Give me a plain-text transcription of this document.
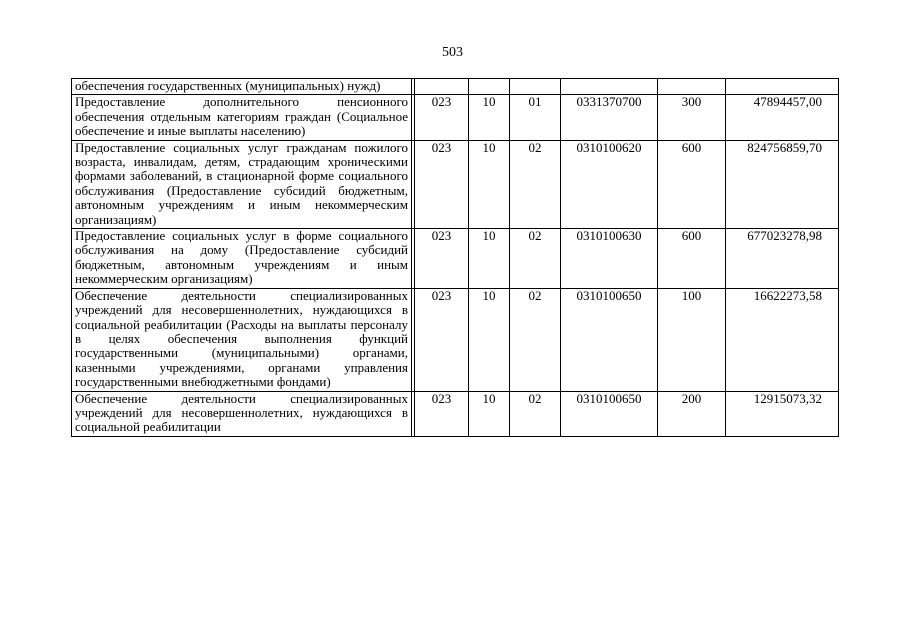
503
обеспечения государственных (муниципальных) нужд)							
Предоставление дополнительного пенсионного обеспечения отдельным категориям граждан (Социальное обеспечение и иные выплаты населению)		023	10	01	0331370700	300	47894457,00
Предоставление социальных услуг гражданам пожилого возраста, инвалидам, детям, страдающим хроническими формами заболеваний, в стационарной форме социального обслуживания (Предоставление субсидий бюджетным, автономным учреждениям и иным некоммерческим организациям)		023	10	02	0310100620	600	824756859,70
Предоставление социальных услуг в форме социального обслуживания на дому (Предоставление субсидий бюджетным, автономным учреждениям и иным некоммерческим организациям)		023	10	02	0310100630	600	677023278,98
Обеспечение деятельности специализированных учреждений для несовершеннолетних, нуждающихся в социальной реабилитации (Расходы на выплаты персоналу в целях обеспечения выполнения функций государственными (муниципальными) органами, казенными учреждениями, органами управления государственными внебюджетными фондами)		023	10	02	0310100650	100	16622273,58
Обеспечение деятельности специализированных учреждений для несовершеннолетних, нуждающихся в социальной реабилитации		023	10	02	0310100650	200	12915073,32
